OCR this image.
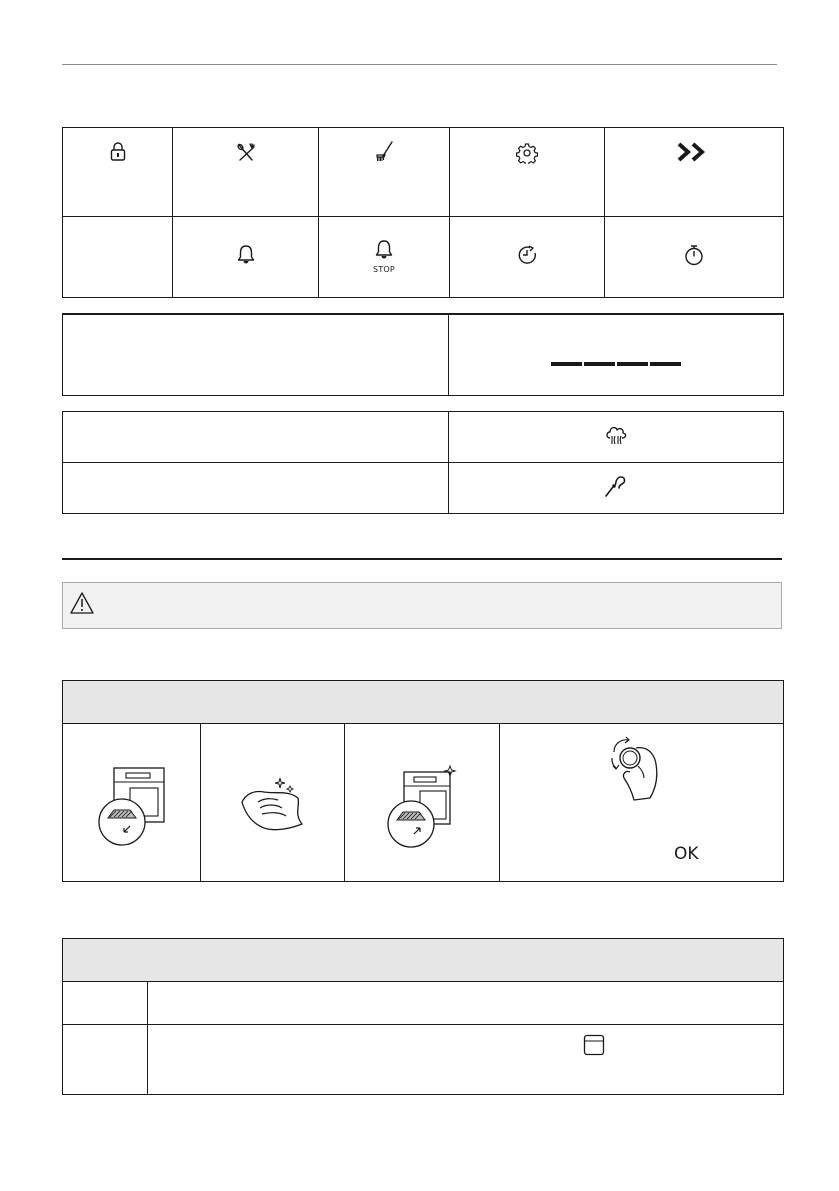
STOP

OK
